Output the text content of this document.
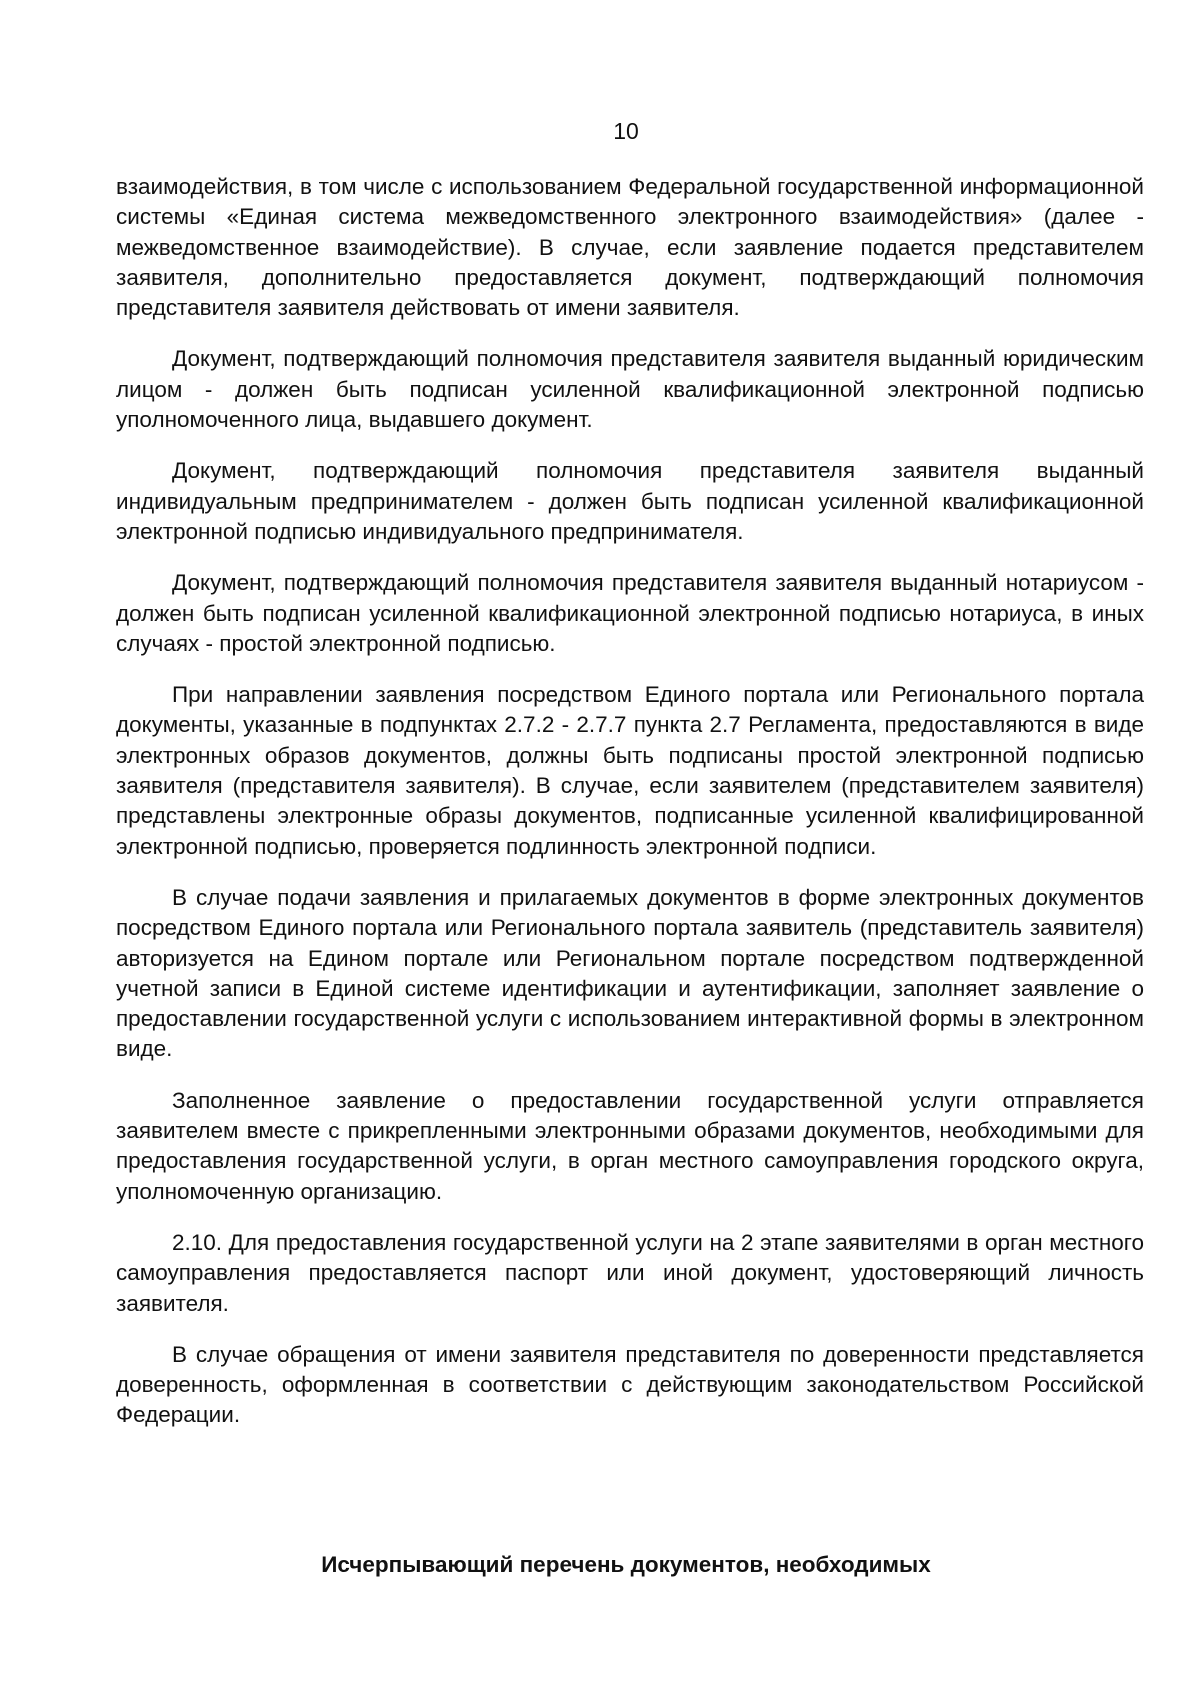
10

взаимодействия, в том числе с использованием Федеральной государственной информационной системы «Единая система межведомственного электронного взаимодействия» (далее - межведомственное взаимодействие). В случае, если заявление подается представителем заявителя, дополнительно предоставляется документ, подтверждающий полномочия представителя заявителя действовать от имени заявителя.

Документ, подтверждающий полномочия представителя заявителя выданный юридическим лицом - должен быть подписан усиленной квалификационной электронной подписью уполномоченного лица, выдавшего документ.

Документ, подтверждающий полномочия представителя заявителя выданный индивидуальным предпринимателем - должен быть подписан усиленной квалификационной электронной подписью индивидуального предпринимателя.

Документ, подтверждающий полномочия представителя заявителя выданный нотариусом - должен быть подписан усиленной квалификационной электронной подписью нотариуса, в иных случаях - простой электронной подписью.

При направлении заявления посредством Единого портала или Регионального портала документы, указанные в подпунктах 2.7.2 - 2.7.7 пункта 2.7 Регламента, предоставляются в виде электронных образов документов, должны быть подписаны простой электронной подписью заявителя (представителя заявителя). В случае, если заявителем (представителем заявителя) представлены электронные образы документов, подписанные усиленной квалифицированной электронной подписью, проверяется подлинность электронной подписи.

В случае подачи заявления и прилагаемых документов в форме электронных документов посредством Единого портала или Регионального портала заявитель (представитель заявителя) авторизуется на Едином портале или Региональном портале посредством подтвержденной учетной записи в Единой системе идентификации и аутентификации, заполняет заявление о предоставлении государственной услуги с использованием интерактивной формы в электронном виде.

Заполненное заявление о предоставлении государственной услуги отправляется заявителем вместе с прикрепленными электронными образами документов, необходимыми для предоставления государственной услуги, в орган местного самоуправления городского округа, уполномоченную организацию.

2.10. Для предоставления государственной услуги на 2 этапе заявителями в орган местного самоуправления предоставляется паспорт или иной документ, удостоверяющий личность заявителя.

В случае обращения от имени заявителя представителя по доверенности представляется доверенность, оформленная в соответствии с действующим законодательством Российской Федерации.

Исчерпывающий перечень документов, необходимых
